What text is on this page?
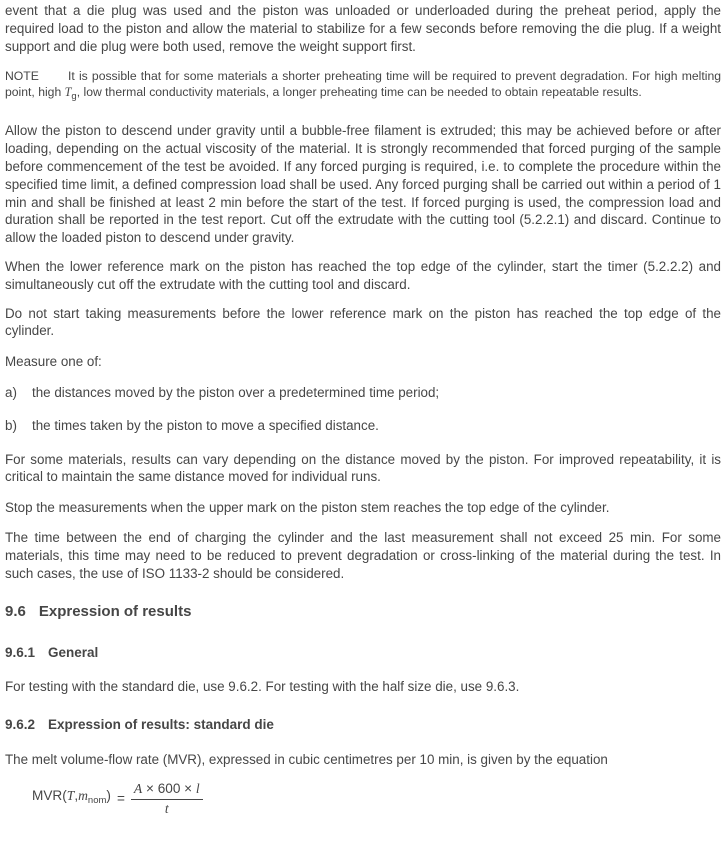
event that a die plug was used and the piston was unloaded or underloaded during the preheat period, apply the required load to the piston and allow the material to stabilize for a few seconds before removing the die plug. If a weight support and die plug were both used, remove the weight support first.

NOTE It is possible that for some materials a shorter preheating time will be required to prevent degradation. For high melting point, high $T_g$, low thermal conductivity materials, a longer preheating time can be needed to obtain repeatable results.

Allow the piston to descend under gravity until a bubble-free filament is extruded; this may be achieved before or after loading, depending on the actual viscosity of the material. It is strongly recommended that forced purging of the sample before commencement of the test be avoided. If any forced purging is required, i.e. to complete the procedure within the specified time limit, a defined compression load shall be used. Any forced purging shall be carried out within a period of 1 min and shall be finished at least 2 min before the start of the test. If forced purging is used, the compression load and duration shall be reported in the test report. Cut off the extrudate with the cutting tool (5.2.2.1) and discard. Continue to allow the loaded piston to descend under gravity.

When the lower reference mark on the piston has reached the top edge of the cylinder, start the timer (5.2.2.2) and simultaneously cut off the extrudate with the cutting tool and discard.

Do not start taking measurements before the lower reference mark on the piston has reached the top edge of the cylinder.

Measure one of:

a)	the distances moved by the piston over a predetermined time period;
b)	the times taken by the piston to move a specified distance.

For some materials, results can vary depending on the distance moved by the piston. For improved repeatability, it is critical to maintain the same distance moved for individual runs.

Stop the measurements when the upper mark on the piston stem reaches the top edge of the cylinder.

The time between the end of charging the cylinder and the last measurement shall not exceed 25 min. For some materials, this time may need to be reduced to prevent degradation or cross-linking of the material during the test. In such cases, the use of ISO 1133-2 should be considered.

9.6 Expression of results
9.6.1 General

For testing with the standard die, use 9.6.2. For testing with the half size die, use 9.6.3.

9.6.2 Expression of results: standard die

The melt volume-flow rate (MVR), expressed in cubic centimetres per 10 min, is given by the equation

$MVR(T,m_{nom}) = \frac{A \times 600 \times l}{t}$
